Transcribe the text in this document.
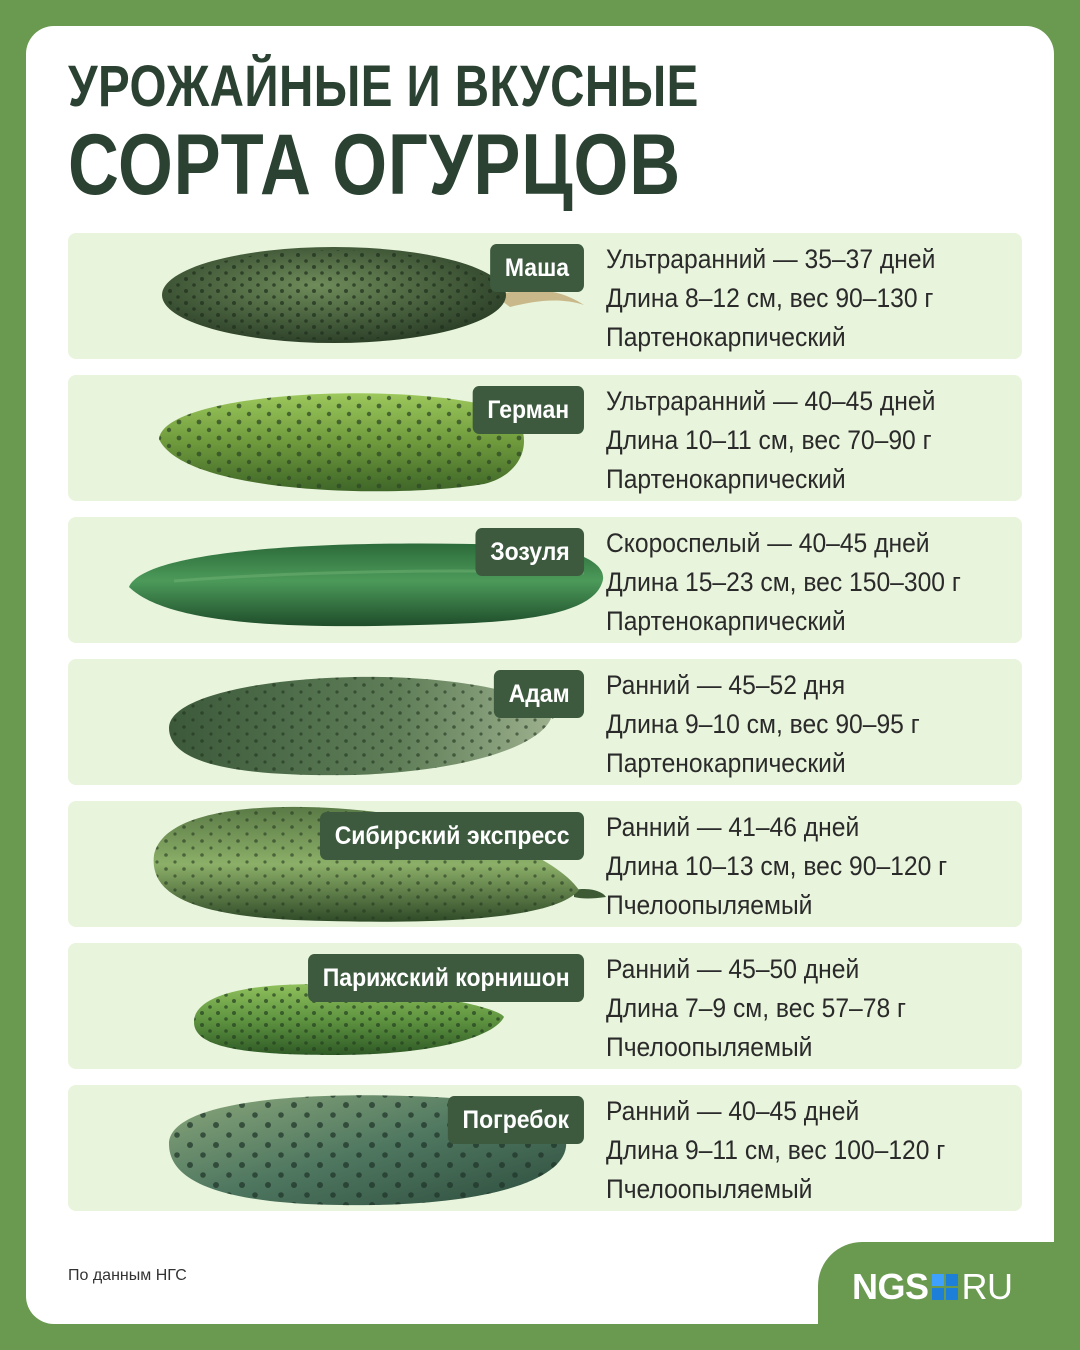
УРОЖАЙНЫЕ И ВКУСНЫЕ
СОРТА ОГУРЦОВ
Маша	Ультраранний — 35–37 дней
Длина 8–12 см, вес 90–130 г
Партенокарпический
Герман	Ультраранний — 40–45 дней
Длина 10–11 см, вес 70–90 г
Партенокарпический
Зозуля	Скороспелый — 40–45 дней
Длина 15–23 см, вес 150–300 г
Партенокарпический
Адам	Ранний — 45–52 дня
Длина 9–10 см, вес 90–95 г
Партенокарпический
Сибирский экспресс	Ранний — 41–46 дней
Длина 10–13 см, вес 90–120 г
Пчелоопыляемый
Парижский корнишон	Ранний — 45–50 дней
Длина 7–9 см, вес 57–78 г
Пчелоопыляемый
Погребок	Ранний — 40–45 дней
Длина 9–11 см, вес 100–120 г
Пчелоопыляемый
По данным НГС	NGS RU
